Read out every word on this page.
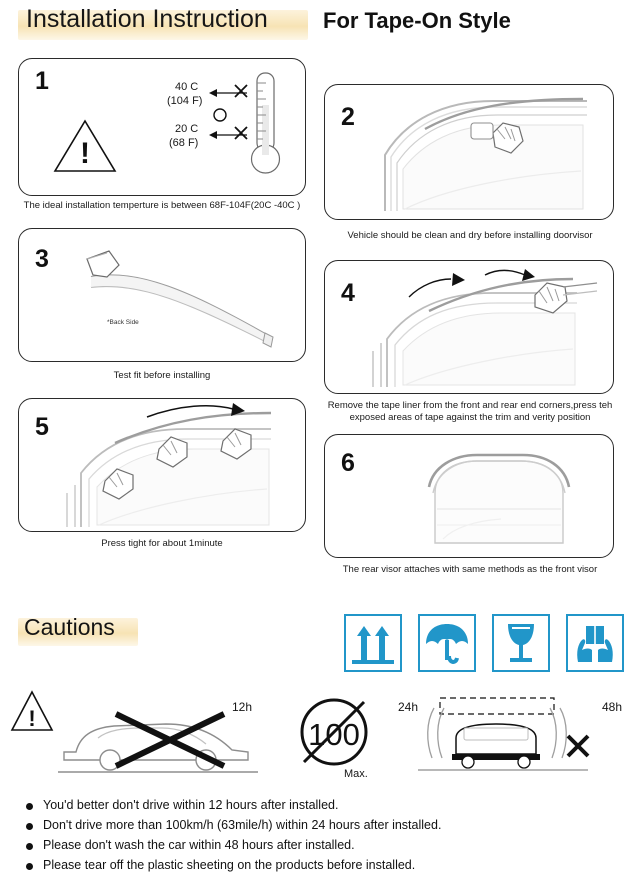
Installation Instruction	For Tape-On Style
1
!
40 C
(104 F)
20 C
(68 F)
The ideal installation temperture is between 68F-104F(20C -40C )
2
Vehicle should be clean and dry before installing doorvisor
3
*Back Side
Test fit before installing
4
Remove the tape liner from the front and rear end corners,press teh exposed areas of tape against the trim and verity position
5
Press tight for about 1minute
6
The rear visor attaches with same methods as the front visor
Cautions
!	12h
100
Max.
24h	48h
You'd better don't drive within 12 hours after installed.
Don't drive more than 100km/h (63mile/h) within 24 hours after installed.
Please don't wash the car within 48 hours after installed.
Please tear off the plastic sheeting on the products before installed.
